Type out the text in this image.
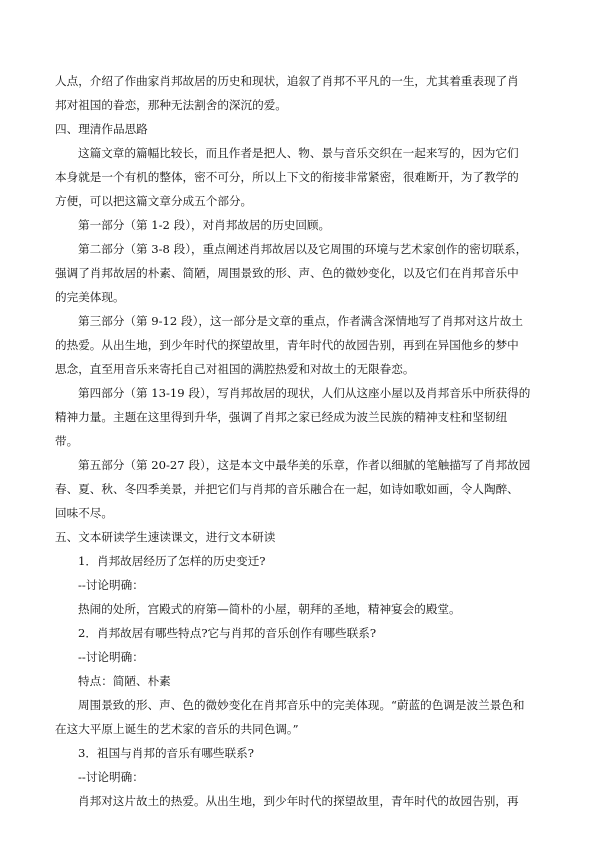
人点，介绍了作曲家肖邦故居的历史和现状，追叙了肖邦不平凡的一生，尤其着重表现了肖
邦对祖国的眷恋，那种无法割舍的深沉的爱。
四、理清作品思路
这篇文章的篇幅比较长，而且作者是把人、物、景与音乐交织在一起来写的，因为它们
本身就是一个有机的整体，密不可分，所以上下文的衔接非常紧密，很难断开，为了教学的
方便，可以把这篇文章分成五个部分。
第一部分（第 1-2 段），对肖邦故居的历史回顾。
第二部分（第 3-8 段），重点阐述肖邦故居以及它周围的环境与艺术家创作的密切联系，
强调了肖邦故居的朴素、简陋，周围景致的形、声、色的微妙变化，以及它们在肖邦音乐中
的完美体现。
第三部分（第 9-12 段），这一部分是文章的重点，作者满含深情地写了肖邦对这片故土
的热爱。从出生地，到少年时代的探望故里，青年时代的故园告别，再到在异国他乡的梦中
思念，直至用音乐来寄托自己对祖国的满腔热爱和对故土的无限眷恋。
第四部分（第 13-19 段），写肖邦故居的现状，人们从这座小屋以及肖邦音乐中所获得的
精神力量。主题在这里得到升华，强调了肖邦之家已经成为波兰民族的精神支柱和坚韧纽
带。
第五部分（第 20-27 段），这是本文中最华美的乐章，作者以细腻的笔触描写了肖邦故园
春、夏、秋、冬四季美景，并把它们与肖邦的音乐融合在一起，如诗如歌如画，令人陶醉、
回味不尽。
五、文本研读学生速读课文，进行文本研读
1．肖邦故居经历了怎样的历史变迁?
--讨论明确：
热闹的处所，宫殿式的府第—简朴的小屋，朝拜的圣地，精神宴会的殿堂。
2．肖邦故居有哪些特点?它与肖邦的音乐创作有哪些联系?
--讨论明确：
特点：简陋、朴素
周围景致的形、声、色的微妙变化在肖邦音乐中的完美体现。“蔚蓝的色调是波兰景色和
在这大平原上诞生的艺术家的音乐的共同色调。”
3．祖国与肖邦的音乐有哪些联系?
--讨论明确：
肖邦对这片故土的热爱。从出生地，到少年时代的探望故里，青年时代的故园告别，再
